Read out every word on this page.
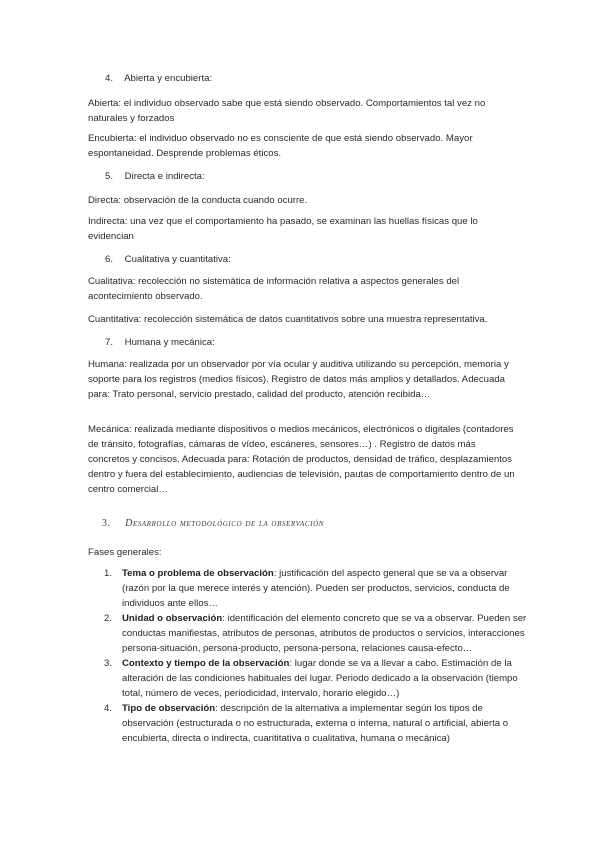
4. Abierta y encubierta:

Abierta: el individuo observado sabe que está siendo observado. Comportamientos tal vez no naturales y forzados

Encubierta: el individuo observado no es consciente de que está siendo observado. Mayor espontaneidad. Desprende problemas éticos.

5. Directa e indirecta:

Directa: observación de la conducta cuando ocurre.

Indirecta: una vez que el comportamiento ha pasado, se examinan las huellas físicas que lo evidencian

6. Cualitativa y cuantitativa:

Cualitativa: recolección no sistemática de información relativa a aspectos generales del acontecimiento observado.

Cuantitativa: recolección sistemática de datos cuantitativos sobre una muestra representativa.

7. Humana y mecánica:

Humana: realizada por un observador por vía ocular y auditiva utilizando su percepción, memoria y soporte para los registros (medios físicos). Registro de datos más amplios y detallados. Adecuada para: Trato personal, servicio prestado, calidad del producto, atención recibida…

Mecánica: realizada mediante dispositivos o medios mecánicos, electrónicos o digitales (contadores de tránsito, fotografías, cámaras de vídeo, escáneres, sensores…) . Registro de datos más concretos y concisos. Adecuada para: Rotación de productos, densidad de tráfico, desplazamientos dentro y fuera del establecimiento, audiencias de televisión, pautas de comportamiento dentro de un centro comercial…

3. Desarrollo metodológico de la observación

Fases generales:

1. Tema o problema de observación: justificación del aspecto general que se va a observar (razón por la que merece interés y atención). Pueden ser productos, servicios, conducta de individuos ante ellos…
2. Unidad o observación: identificación del elemento concreto que se va a observar. Pueden ser conductas manifiestas, atributos de personas, atributos de productos o servicios, interacciones persona-situación, persona-producto, persona-persona, relaciones causa-efecto…
3. Contexto y tiempo de la observación: lugar donde se va a llevar a cabo. Estimación de la alteración de las condiciones habituales del lugar. Periodo dedicado a la observación (tiempo total, número de veces, periodicidad, intervalo, horario elegido…)
4. Tipo de observación: descripción de la alternativa a implementar según los tipos de observación (estructurada o no estructurada, externa o interna, natural o artificial, abierta o encubierta, directa o indirecta, cuantitativa o cualitativa, humana o mecánica)
